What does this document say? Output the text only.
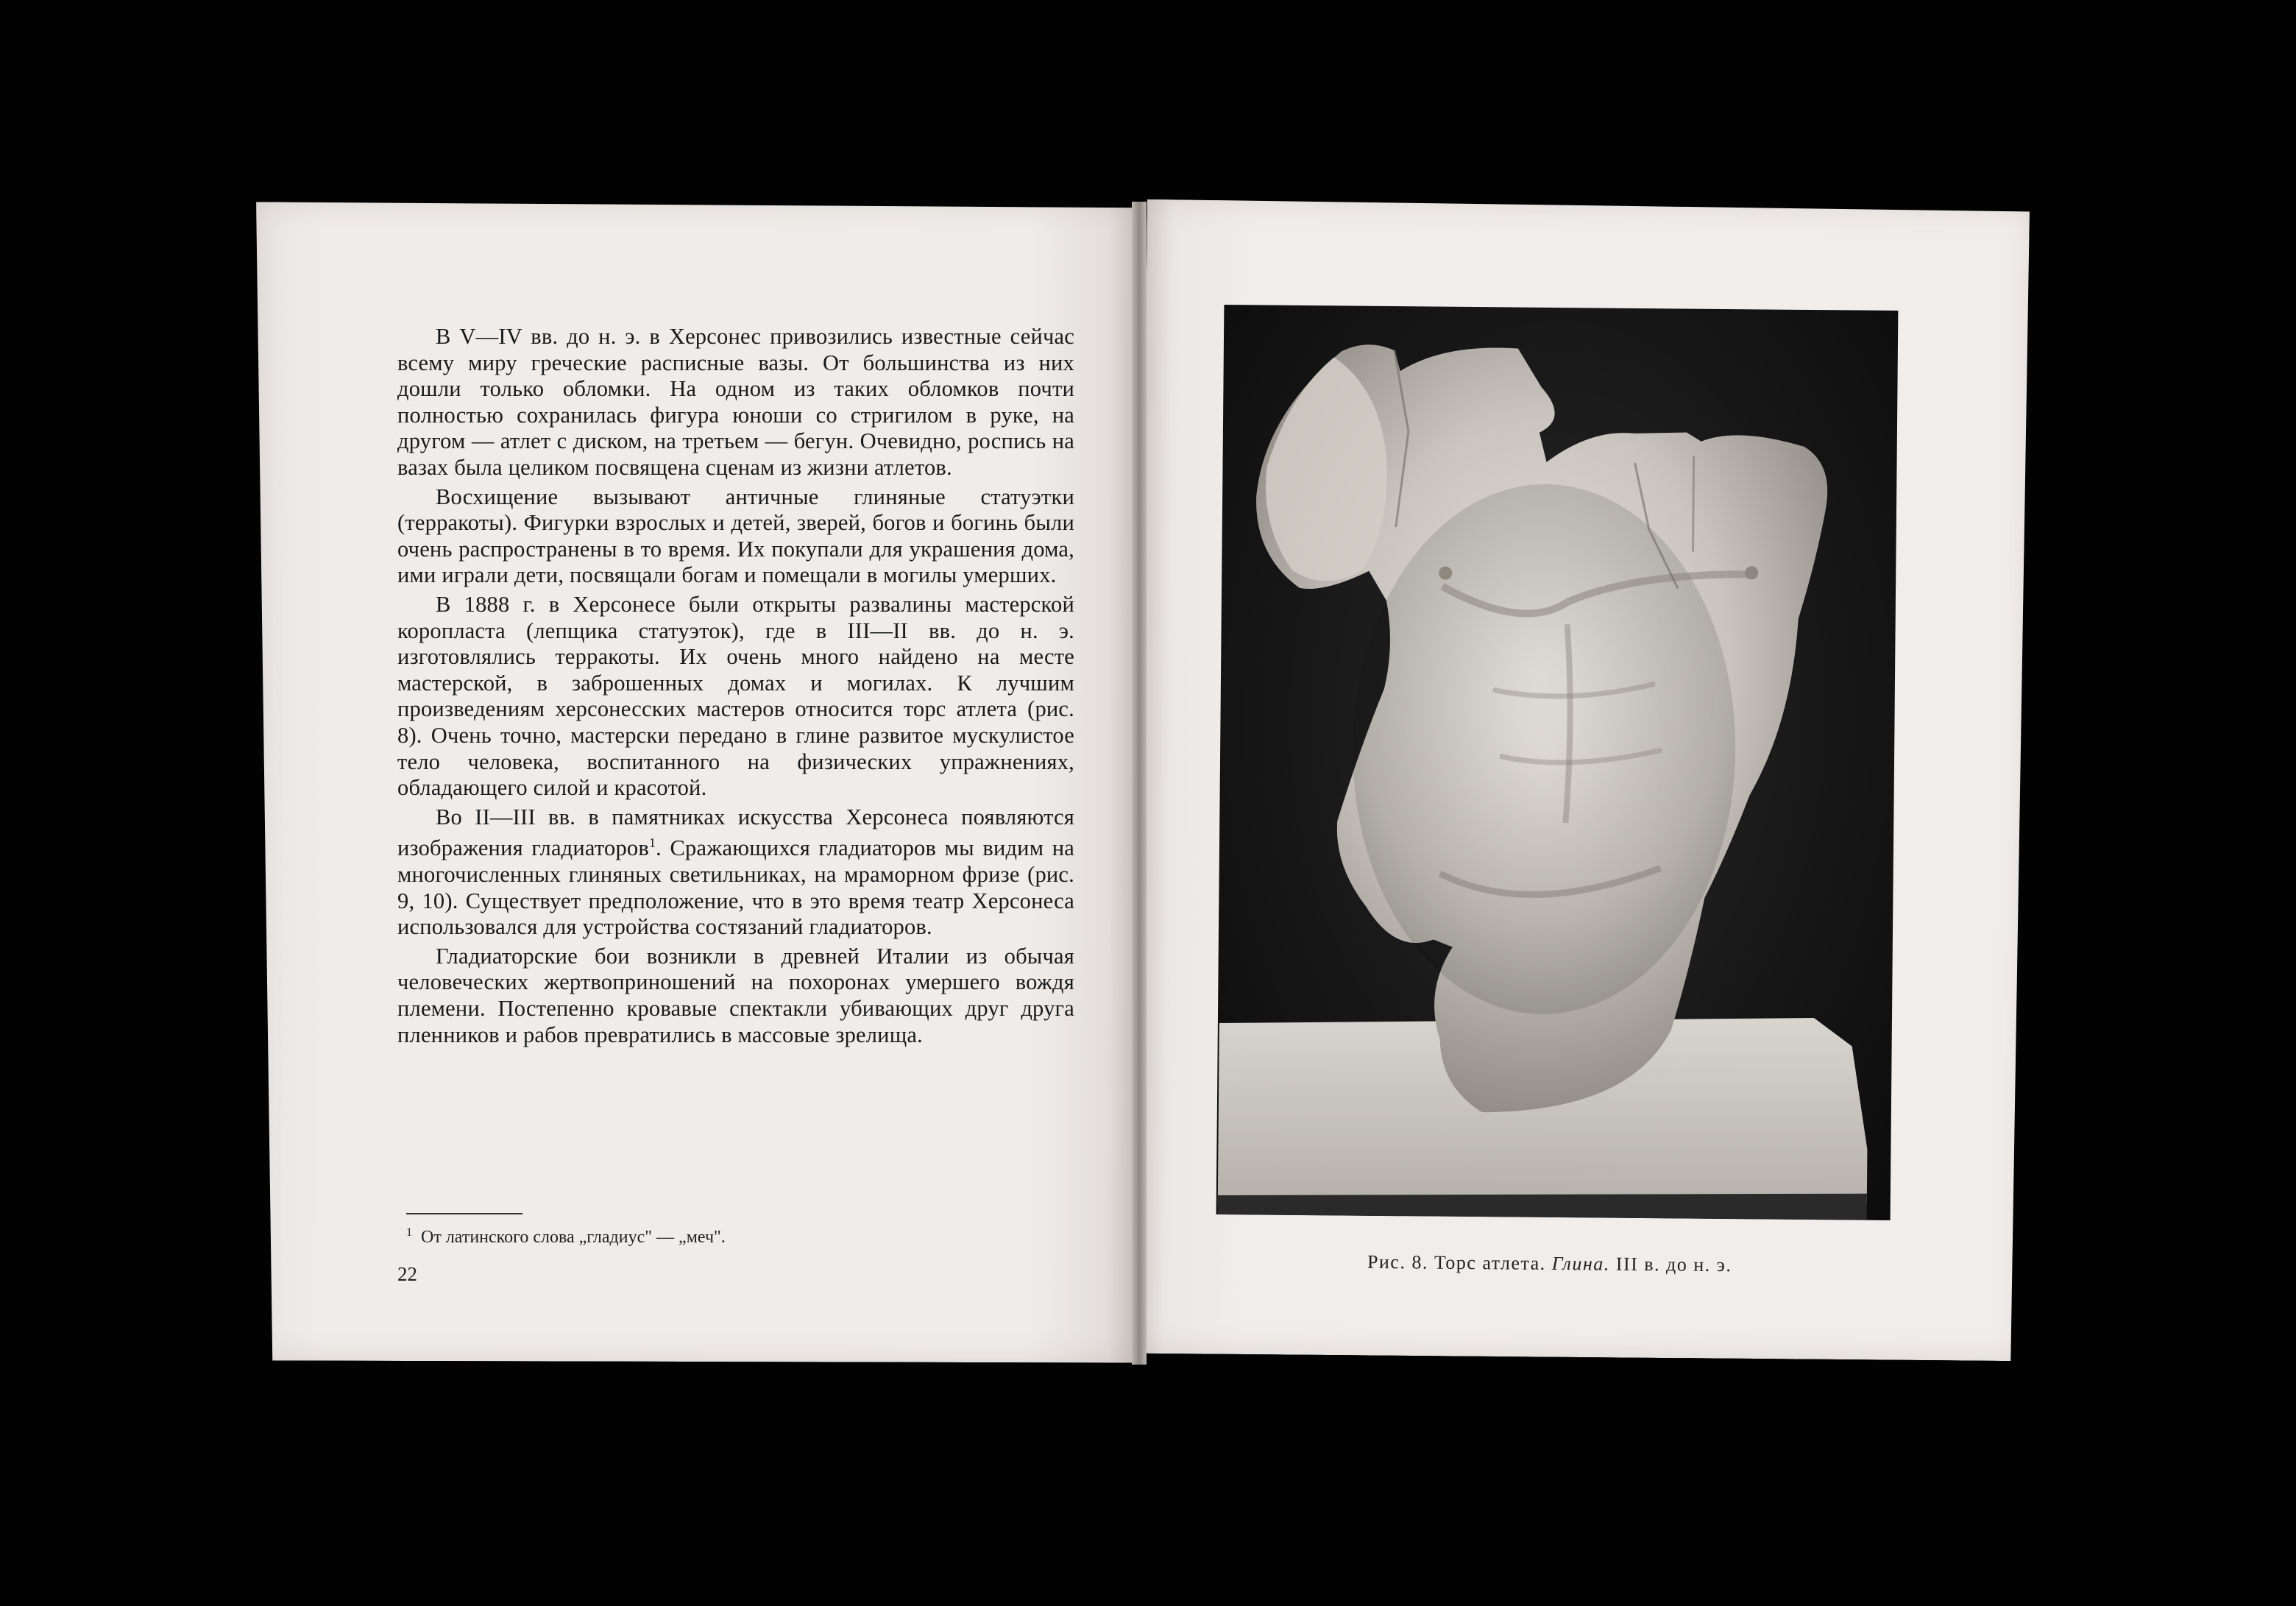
В V—IV вв. до н. э. в Херсонес привозились известные сейчас всему миру греческие расписные вазы. От большинства из них дошли только обломки. На одном из таких обломков почти полностью сохранилась фигура юноши со стригилом в руке, на другом — атлет с диском, на третьем — бегун. Очевидно, роспись на вазах была целиком посвящена сценам из жизни атлетов.

Восхищение вызывают античные глиняные статуэтки (терракоты). Фигурки взрослых и детей, зверей, богов и богинь были очень распространены в то время. Их покупали для украшения дома, ими играли дети, посвящали богам и помещали в могилы умерших.

В 1888 г. в Херсонесе были открыты развалины мастерской коропласта (лепщика статуэток), где в III—II вв. до н. э. изготовлялись терракоты. Их очень много найдено на месте мастерской, в заброшенных домах и могилах. К лучшим произведениям херсонесских мастеров относится торс атлета (рис. 8). Очень точно, мастерски передано в глине развитое мускулистое тело человека, воспитанного на физических упражнениях, обладающего силой и красотой.

Во II—III вв. в памятниках искусства Херсонеса появляются изображения гладиаторов$^1$. Сражающихся гладиаторов мы видим на многочисленных глиняных светильниках, на мраморном фризе (рис. 9, 10). Существует предположение, что в это время театр Херсонеса использовался для устройства состязаний гладиаторов.

Гладиаторские бои возникли в древней Италии из обычая человеческих жертвоприношений на похоронах умершего вождя племени. Постепенно кровавые спектакли убивающих друг друга пленников и рабов превратились в массовые зрелища.

$^1$ От латинского слова „гладиус" — „меч".
22
Рис. 8. Торс атлета. Глина. III в. до н. э.
